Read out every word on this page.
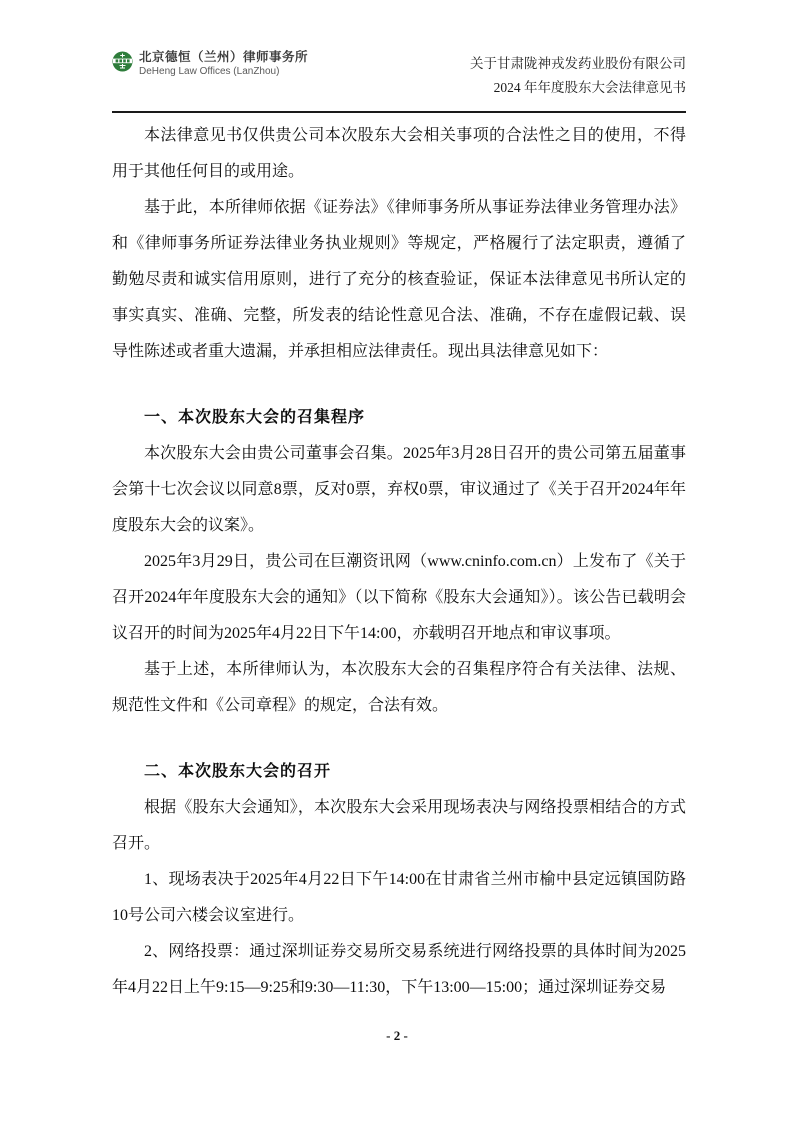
北京德恒（兰州）律师事务所
DeHeng Law Offices (LanZhou)
关于甘肃陇神戎发药业股份有限公司
2024 年年度股东大会法律意见书

本法律意见书仅供贵公司本次股东大会相关事项的合法性之目的使用，不得用于其他任何目的或用途。

基于此，本所律师依据《证券法》《律师事务所从事证券法律业务管理办法》和《律师事务所证券法律业务执业规则》等规定，严格履行了法定职责，遵循了勤勉尽责和诚实信用原则，进行了充分的核查验证，保证本法律意见书所认定的事实真实、准确、完整，所发表的结论性意见合法、准确，不存在虚假记载、误导性陈述或者重大遗漏，并承担相应法律责任。现出具法律意见如下：

一、本次股东大会的召集程序

本次股东大会由贵公司董事会召集。2025年3月28日召开的贵公司第五届董事会第十七次会议以同意8票，反对0票，弃权0票，审议通过了《关于召开2024年年度股东大会的议案》。

2025年3月29日，贵公司在巨潮资讯网（www.cninfo.com.cn）上发布了《关于召开2024年年度股东大会的通知》（以下简称《股东大会通知》）。该公告已载明会议召开的时间为2025年4月22日下午14:00，亦载明召开地点和审议事项。

基于上述，本所律师认为，本次股东大会的召集程序符合有关法律、法规、规范性文件和《公司章程》的规定，合法有效。

二、本次股东大会的召开

根据《股东大会通知》，本次股东大会采用现场表决与网络投票相结合的方式召开。

1、现场表决于2025年4月22日下午14:00在甘肃省兰州市榆中县定远镇国防路10号公司六楼会议室进行。

2、网络投票：通过深圳证券交易所交易系统进行网络投票的具体时间为2025年4月22日上午9:15—9:25和9:30—11:30，下午13:00—15:00；通过深圳证券交易

- 2 -
